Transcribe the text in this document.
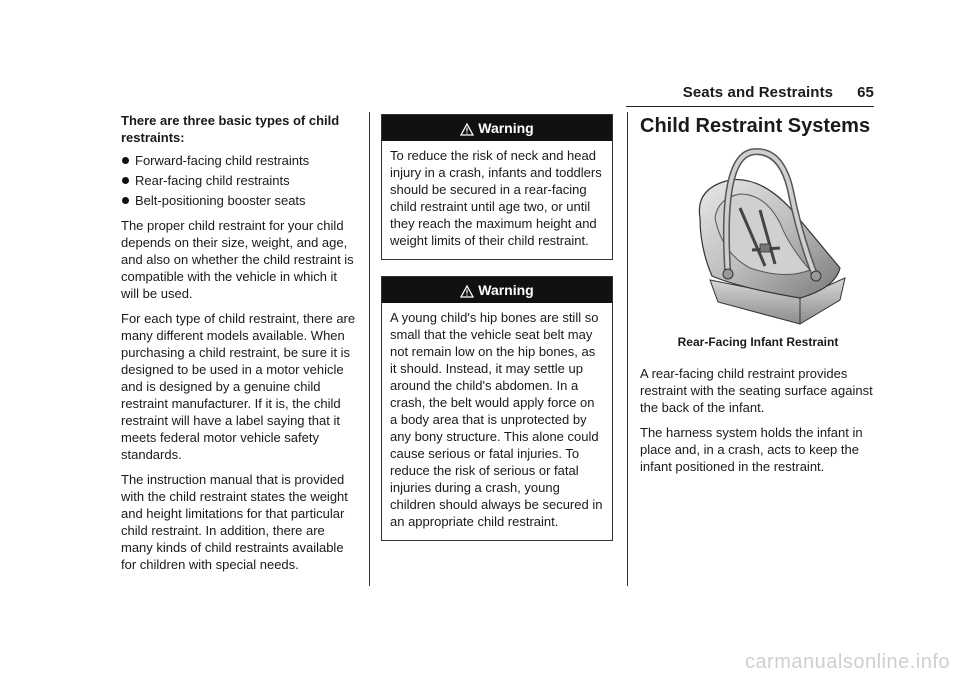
Seats and Restraints 65

There are three basic types of child restraints:

Forward-facing child restraints
Rear-facing child restraints
Belt-positioning booster seats

The proper child restraint for your child depends on their size, weight, and age, and also on whether the child restraint is compatible with the vehicle in which it will be used.

For each type of child restraint, there are many different models available. When purchasing a child restraint, be sure it is designed to be used in a motor vehicle and is designed by a genuine child restraint manufacturer. If it is, the child restraint will have a label saying that it meets federal motor vehicle safety standards.

The instruction manual that is provided with the child restraint states the weight and height limitations for that particular child restraint. In addition, there are many kinds of child restraints available for children with special needs.

Warning
To reduce the risk of neck and head injury in a crash, infants and toddlers should be secured in a rear-facing child restraint until age two, or until they reach the maximum height and weight limits of their child restraint.
Warning
A young child's hip bones are still so small that the vehicle seat belt may not remain low on the hip bones, as it should. Instead, it may settle up around the child's abdomen. In a crash, the belt would apply force on a body area that is unprotected by any bony structure. This alone could cause serious or fatal injuries. To reduce the risk of serious or fatal injuries during a crash, young children should always be secured in an appropriate child restraint.
Child Restraint Systems
Rear-Facing Infant Restraint

A rear-facing child restraint provides restraint with the seating surface against the back of the infant.

The harness system holds the infant in place and, in a crash, acts to keep the infant positioned in the restraint.

carmanualsonline.info
